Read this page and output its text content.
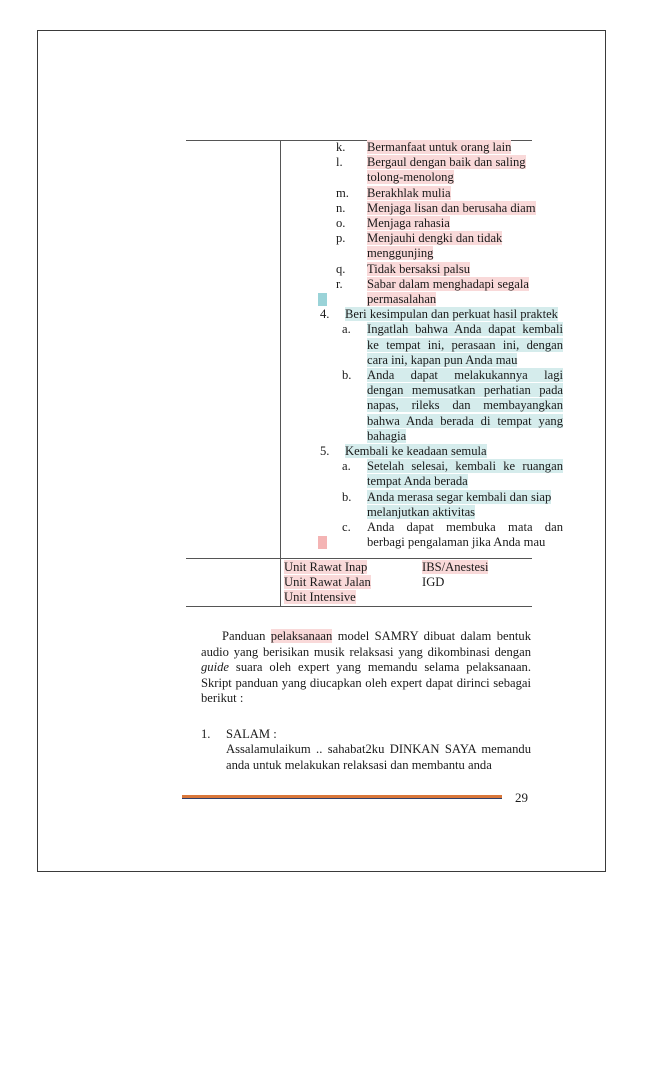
k. Bermanfaat untuk orang lain
l. Bergaul dengan baik dan saling
tolong-menolong
m. Berakhlak mulia
n. Menjaga lisan dan berusaha diam
o. Menjaga rahasia
p. Menjauhi dengki dan tidak
menggunjing
q. Tidak bersaksi palsu
r. Sabar dalam menghadapi segala
permasalahan
4. Beri kesimpulan dan perkuat hasil praktek
a. Ingatlah bahwa Anda dapat kembali
ke tempat ini, perasaan ini, dengan
cara ini, kapan pun Anda mau
b. Anda dapat melakukannya lagi
dengan memusatkan perhatian pada
napas, rileks dan membayangkan
bahwa Anda berada di tempat yang
bahagia
5. Kembali ke keadaan semula
a. Setelah selesai, kembali ke ruangan
tempat Anda berada
b. Anda merasa segar kembali dan siap
melanjutkan aktivitas
c. Anda dapat membuka mata dan
berbagi pengalaman jika Anda mau
Unit Rawat Inap
Unit Rawat Jalan
Unit Intensive
IBS/Anestesi
IGD
Panduan pelaksanaan model SAMRY dibuat dalam bentuk audio yang berisikan musik relaksasi yang dikombinasi dengan guide suara oleh expert yang memandu selama pelaksanaan. Skript panduan yang diucapkan oleh expert dapat dirinci sebagai berikut :
1. SALAM :
Assalamulaikum .. sahabat2ku DINKAN SAYA memandu anda untuk melakukan relaksasi dan membantu anda
29
